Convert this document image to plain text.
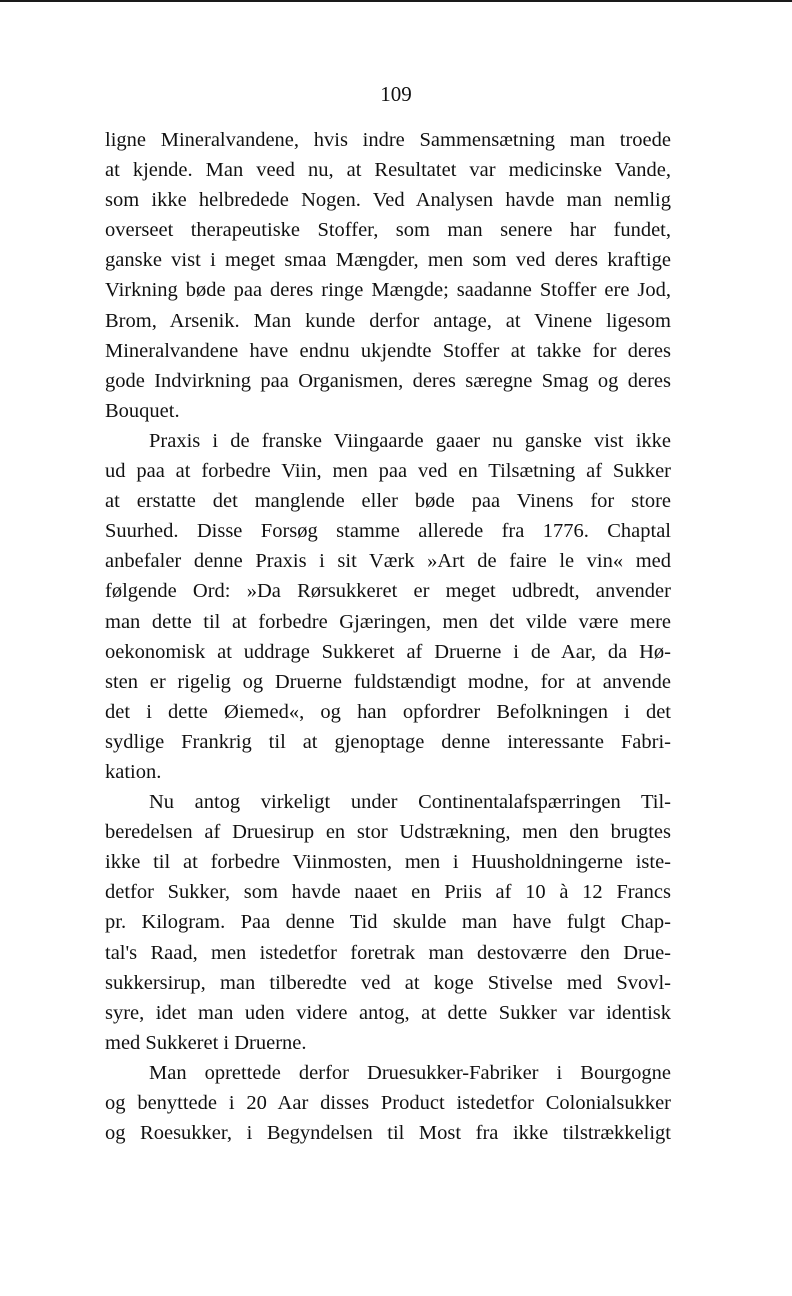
109
ligne Mineralvandene, hvis indre Sammensætning man troede
at kjende. Man veed nu, at Resultatet var medicinske Vande,
som ikke helbredede Nogen. Ved Analysen havde man nemlig
overseet therapeutiske Stoffer, som man senere har fundet,
ganske vist i meget smaa Mængder, men som ved deres kraftige
Virkning bøde paa deres ringe Mængde; saadanne Stoffer ere Jod,
Brom, Arsenik. Man kunde derfor antage, at Vinene ligesom
Mineralvandene have endnu ukjendte Stoffer at takke for deres
gode Indvirkning paa Organismen, deres særegne Smag og deres
Bouquet.
Praxis i de franske Viingaarde gaaer nu ganske vist ikke
ud paa at forbedre Viin, men paa ved en Tilsætning af Sukker
at erstatte det manglende eller bøde paa Vinens for store
Suurhed. Disse Forsøg stamme allerede fra 1776. Chaptal
anbefaler denne Praxis i sit Værk »Art de faire le vin« med
følgende Ord: »Da Rørsukkeret er meget udbredt, anvender
man dette til at forbedre Gjæringen, men det vilde være mere
oekonomisk at uddrage Sukkeret af Druerne i de Aar, da Hø-
sten er rigelig og Druerne fuldstændigt modne, for at anvende
det i dette Øiemed«, og han opfordrer Befolkningen i det
sydlige Frankrig til at gjenoptage denne interessante Fabri-
kation.
Nu antog virkeligt under Continentalafspærringen Til-
beredelsen af Druesirup en stor Udstrækning, men den brugtes
ikke til at forbedre Viinmosten, men i Huusholdningerne iste-
detfor Sukker, som havde naaet en Priis af 10 à 12 Francs
pr. Kilogram. Paa denne Tid skulde man have fulgt Chap-
tal's Raad, men istedetfor foretrak man destoværre den Drue-
sukkersirup, man tilberedte ved at koge Stivelse med Svovl-
syre, idet man uden videre antog, at dette Sukker var identisk
med Sukkeret i Druerne.
Man oprettede derfor Druesukker-Fabriker i Bourgogne
og benyttede i 20 Aar disses Product istedetfor Colonialsukker
og Roesukker, i Begyndelsen til Most fra ikke tilstrækkeligt
